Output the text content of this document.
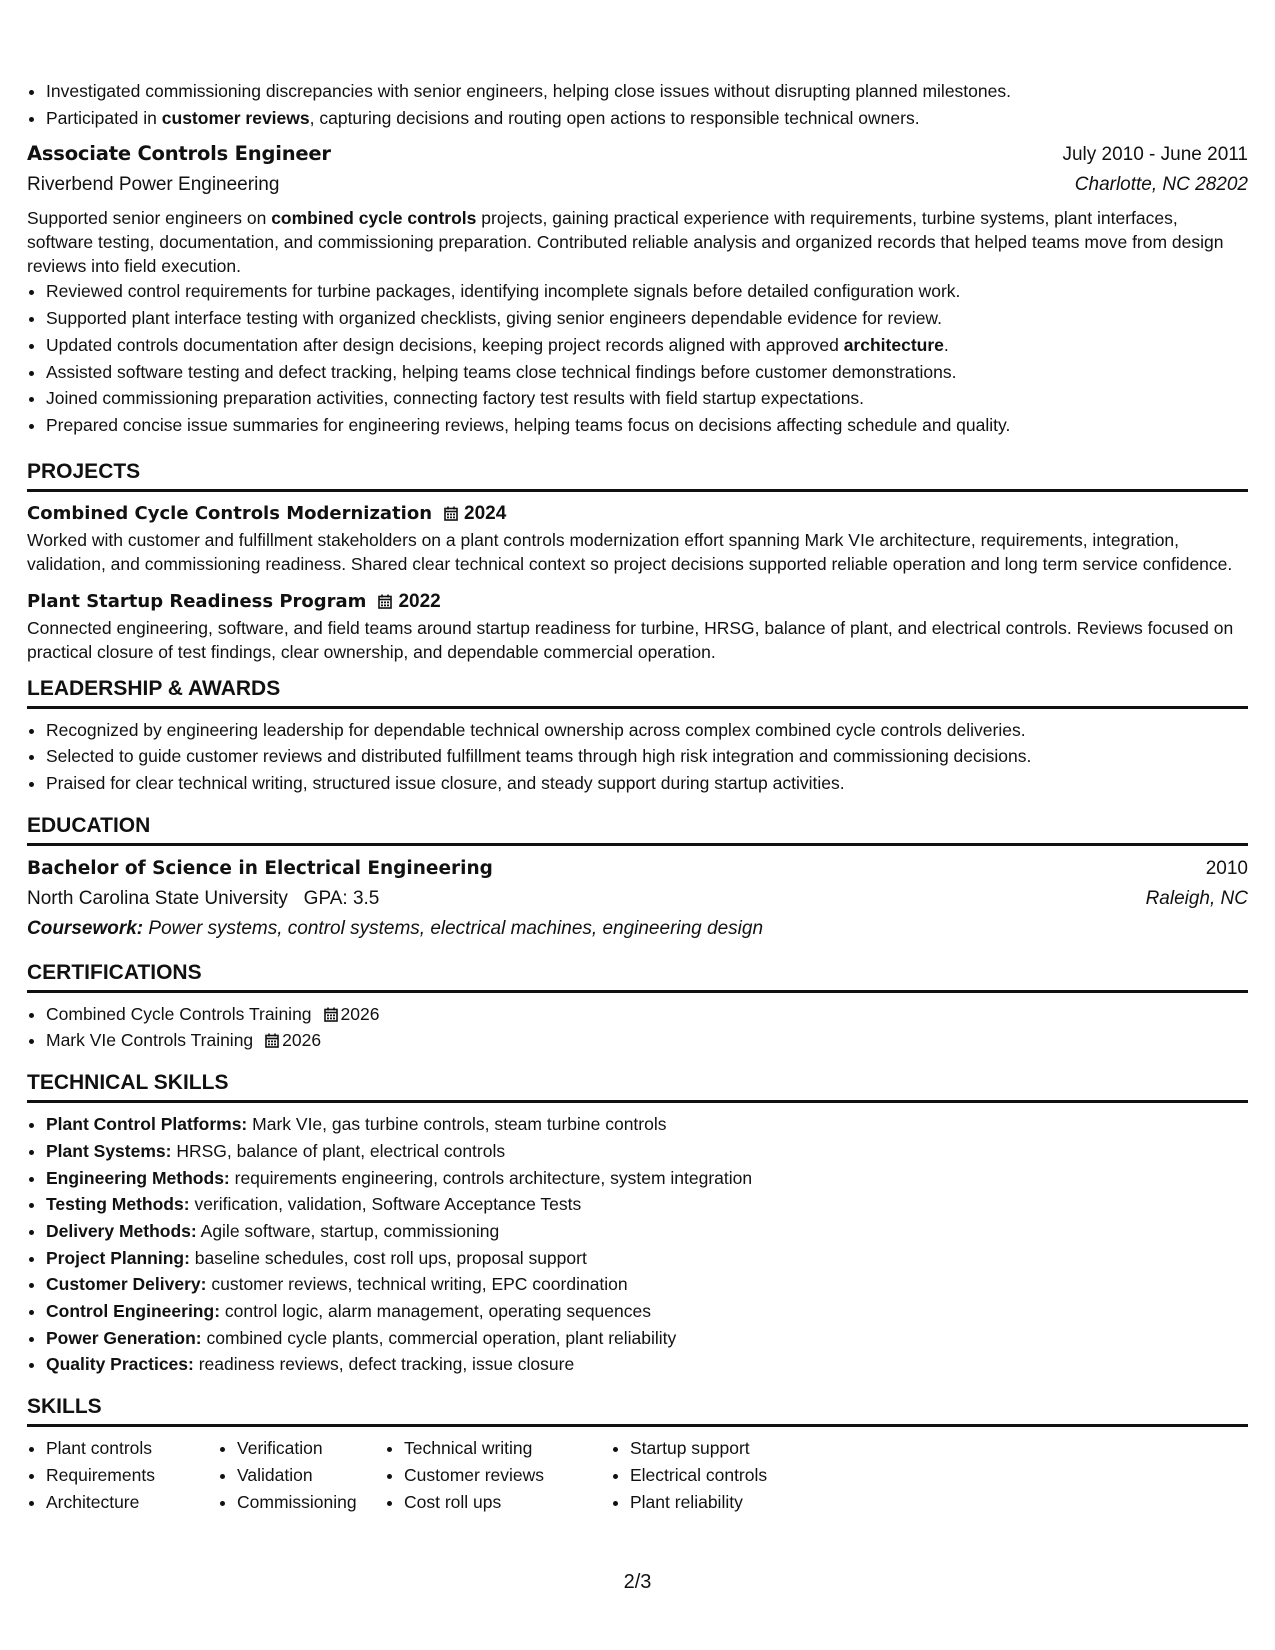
• Investigated commissioning discrepancies with senior engineers, helping close issues without disrupting planned milestones.
• Participated in customer reviews, capturing decisions and routing open actions to responsible technical owners.
Associate Controls Engineer	July 2010 - June 2011
Riverbend Power Engineering	Charlotte, NC 28202
Supported senior engineers on combined cycle controls projects, gaining practical experience with requirements, turbine systems, plant interfaces, software testing, documentation, and commissioning preparation. Contributed reliable analysis and organized records that helped teams move from design reviews into field execution.
• Reviewed control requirements for turbine packages, identifying incomplete signals before detailed configuration work.
• Supported plant interface testing with organized checklists, giving senior engineers dependable evidence for review.
• Updated controls documentation after design decisions, keeping project records aligned with approved architecture.
• Assisted software testing and defect tracking, helping teams close technical findings before customer demonstrations.
• Joined commissioning preparation activities, connecting factory test results with field startup expectations.
• Prepared concise issue summaries for engineering reviews, helping teams focus on decisions affecting schedule and quality.
PROJECTS
Combined Cycle Controls Modernization 2024
Worked with customer and fulfillment stakeholders on a plant controls modernization effort spanning Mark VIe architecture, requirements, integration, validation, and commissioning readiness. Shared clear technical context so project decisions supported reliable operation and long term service confidence.
Plant Startup Readiness Program 2022
Connected engineering, software, and field teams around startup readiness for turbine, HRSG, balance of plant, and electrical controls. Reviews focused on practical closure of test findings, clear ownership, and dependable commercial operation.
LEADERSHIP & AWARDS
• Recognized by engineering leadership for dependable technical ownership across complex combined cycle controls deliveries.
• Selected to guide customer reviews and distributed fulfillment teams through high risk integration and commissioning decisions.
• Praised for clear technical writing, structured issue closure, and steady support during startup activities.
EDUCATION
Bachelor of Science in Electrical Engineering	2010
North Carolina State University GPA: 3.5	Raleigh, NC
Coursework: Power systems, control systems, electrical machines, engineering design
CERTIFICATIONS
• Combined Cycle Controls Training 2026
• Mark VIe Controls Training 2026
TECHNICAL SKILLS
• Plant Control Platforms: Mark VIe, gas turbine controls, steam turbine controls
• Plant Systems: HRSG, balance of plant, electrical controls
• Engineering Methods: requirements engineering, controls architecture, system integration
• Testing Methods: verification, validation, Software Acceptance Tests
• Delivery Methods: Agile software, startup, commissioning
• Project Planning: baseline schedules, cost roll ups, proposal support
• Customer Delivery: customer reviews, technical writing, EPC coordination
• Control Engineering: control logic, alarm management, operating sequences
• Power Generation: combined cycle plants, commercial operation, plant reliability
• Quality Practices: readiness reviews, defect tracking, issue closure
SKILLS
• Plant controls
• Requirements
• Architecture
• Verification
• Validation
• Commissioning
• Technical writing
• Customer reviews
• Cost roll ups
• Startup support
• Electrical controls
• Plant reliability
2/3
